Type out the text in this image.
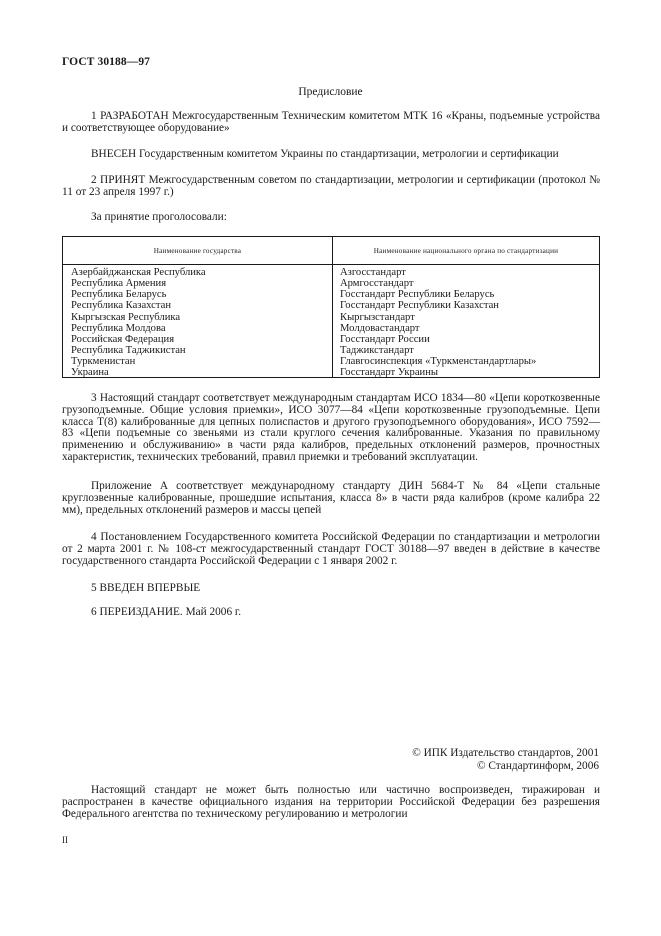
ГОСТ 30188—97
Предисловие

1 РАЗРАБОТАН Межгосударственным Техническим комитетом МТК 16 «Краны, подъемные устройства и соответствующее оборудование»

ВНЕСЕН Государственным комитетом Украины по стандартизации, метрологии и сертификации

2 ПРИНЯТ Межгосударственным советом по стандартизации, метрологии и сертификации (протокол № 11 от 23 апреля 1997 г.)

За принятие проголосовали:

Наименование государства	Наименование национального органа по стандартизации
Азербайджанская Республика
Республика Армения
Республика Беларусь
Республика Казахстан
Кыргызская Республика
Республика Молдова
Российская Федерация
Республика Таджикистан
Туркменистан
Украина
Азгосстандарт
Армгосстандарт
Госстандарт Республики Беларусь
Госстандарт Республики Казахстан
Кыргызстандарт
Молдовастандарт
Госстандарт России
Таджикстандарт
Главгосинспекция «Туркменстандартлары»
Госстандарт Украины

3 Настоящий стандарт соответствует международным стандартам ИСО 1834—80 «Цепи короткозвенные грузоподъемные. Общие условия приемки», ИСО 3077—84 «Цепи короткозвенные грузоподъемные. Цепи класса Т(8) калиброванные для цепных полиспастов и другого грузоподъемного оборудования», ИСО 7592—83 «Цепи подъемные со звеньями из стали круглого сечения калиброванные. Указания по правильному применению и обслуживанию» в части ряда калибров, предельных отклонений размеров, прочностных характеристик, технических требований, правил приемки и требований эксплуатации.

Приложение А соответствует международному стандарту ДИН 5684-Т № 84 «Цепи стальные круглозвенные калиброванные, прошедшие испытания, класса 8» в части ряда калибров (кроме калибра 22 мм), предельных отклонений размеров и массы цепей

4 Постановлением Государственного комитета Российской Федерации по стандартизации и метрологии от 2 марта 2001 г. № 108-ст межгосударственный стандарт ГОСТ 30188—97 введен в действие в качестве государственного стандарта Российской Федерации с 1 января 2002 г.

5 ВВЕДЕН ВПЕРВЫЕ

6 ПЕРЕИЗДАНИЕ. Май 2006 г.

© ИПК Издательство стандартов, 2001
© Стандартинформ, 2006

Настоящий стандарт не может быть полностью или частично воспроизведен, тиражирован и распространен в качестве официального издания на территории Российской Федерации без разрешения Федерального агентства по техническому регулированию и метрологии

II
